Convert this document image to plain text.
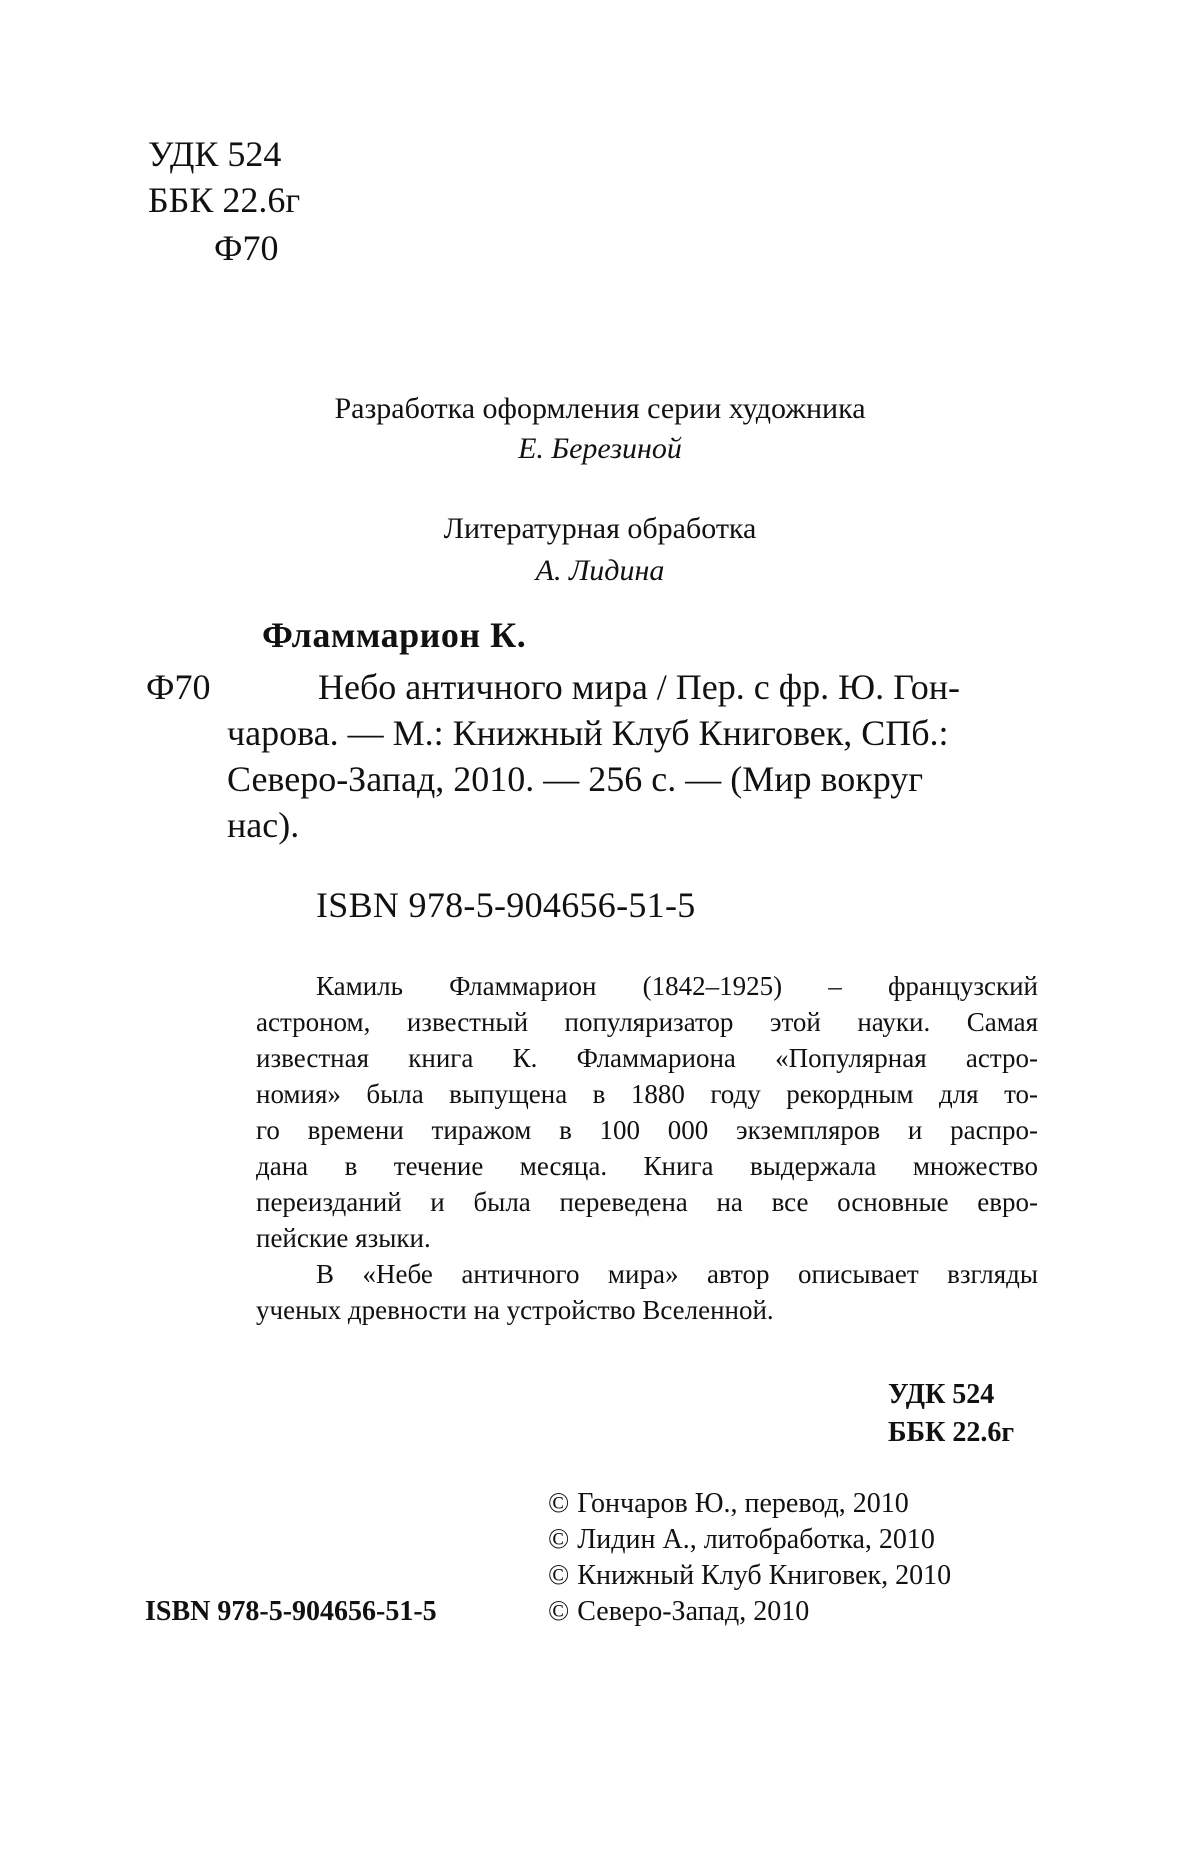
УДК 524
ББК 22.6г
Ф70
Разработка оформления серии художника
Е. Березиной
Литературная обработка
А. Лидина
Фламмарион К.
Ф70	Небо античного мира / Пер. с фр. Ю. Гон-
чарова. — М.: Книжный Клуб Книговек, СПб.:
Северо-Запад, 2010. — 256 с. — (Мир вокруг
нас).
ISBN 978-5-904656-51-5
Камиль Фламмарион (1842–1925) – французский
астроном, известный популяризатор этой науки. Самая
известная книга К. Фламмариона «Популярная астро-
номия» была выпущена в 1880 году рекордным для то-
го времени тиражом в 100 000 экземпляров и распро-
дана в течение месяца. Книга выдержала множество
переизданий и была переведена на все основные евро-
пейские языки.
В «Небе античного мира» автор описывает взгляды
ученых древности на устройство Вселенной.
УДК 524
ББК 22.6г
© Гончаров Ю., перевод, 2010
© Лидин А., литобработка, 2010
© Книжный Клуб Книговек, 2010
© Северо-Запад, 2010
ISBN 978-5-904656-51-5
